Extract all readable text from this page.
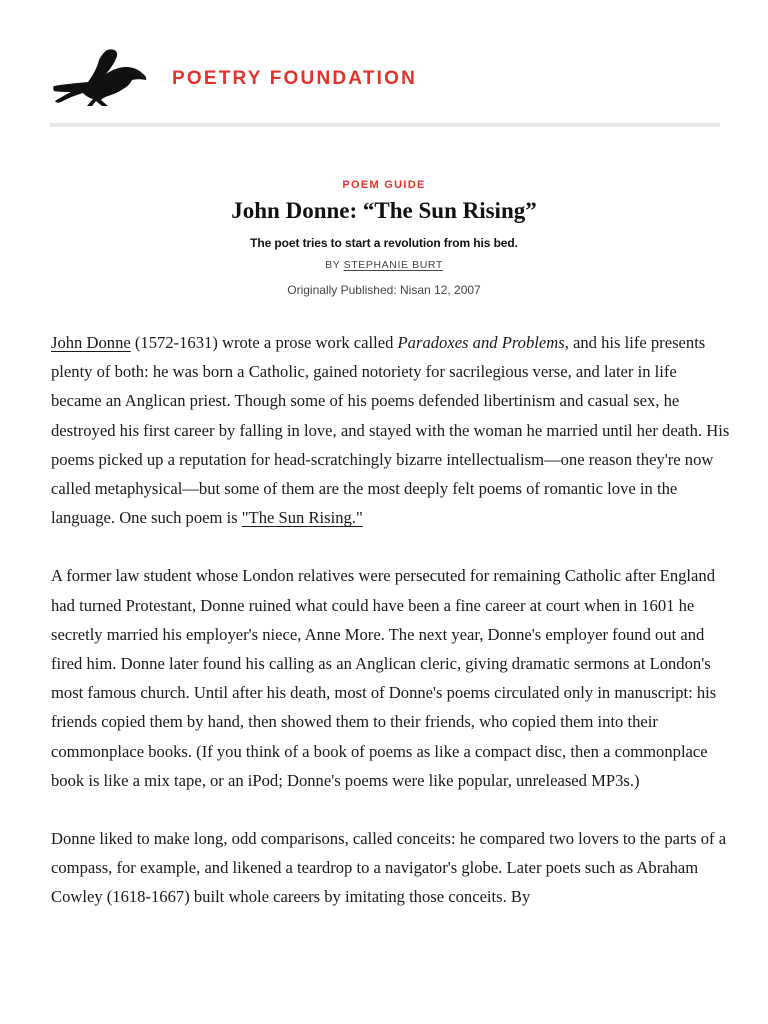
POETRY FOUNDATION
POEM GUIDE
John Donne: “The Sun Rising”
The poet tries to start a revolution from his bed.
BY STEPHANIE BURT
Originally Published: Nisan 12, 2007

John Donne (1572-1631) wrote a prose work called Paradoxes and Problems, and his life presents plenty of both: he was born a Catholic, gained notoriety for sacrilegious verse, and later in life became an Anglican priest. Though some of his poems defended libertinism and casual sex, he destroyed his first career by falling in love, and stayed with the woman he married until her death. His poems picked up a reputation for head-scratchingly bizarre intellectualism—one reason they're now called metaphysical—but some of them are the most deeply felt poems of romantic love in the language. One such poem is "The Sun Rising."

A former law student whose London relatives were persecuted for remaining Catholic after England had turned Protestant, Donne ruined what could have been a fine career at court when in 1601 he secretly married his employer's niece, Anne More. The next year, Donne's employer found out and fired him. Donne later found his calling as an Anglican cleric, giving dramatic sermons at London's most famous church. Until after his death, most of Donne's poems circulated only in manuscript: his friends copied them by hand, then showed them to their friends, who copied them into their commonplace books. (If you think of a book of poems as like a compact disc, then a commonplace book is like a mix tape, or an iPod; Donne's poems were like popular, unreleased MP3s.)

Donne liked to make long, odd comparisons, called conceits: he compared two lovers to the parts of a compass, for example, and likened a teardrop to a navigator's globe. Later poets such as Abraham Cowley (1618-1667) built whole careers by imitating those conceits. By
